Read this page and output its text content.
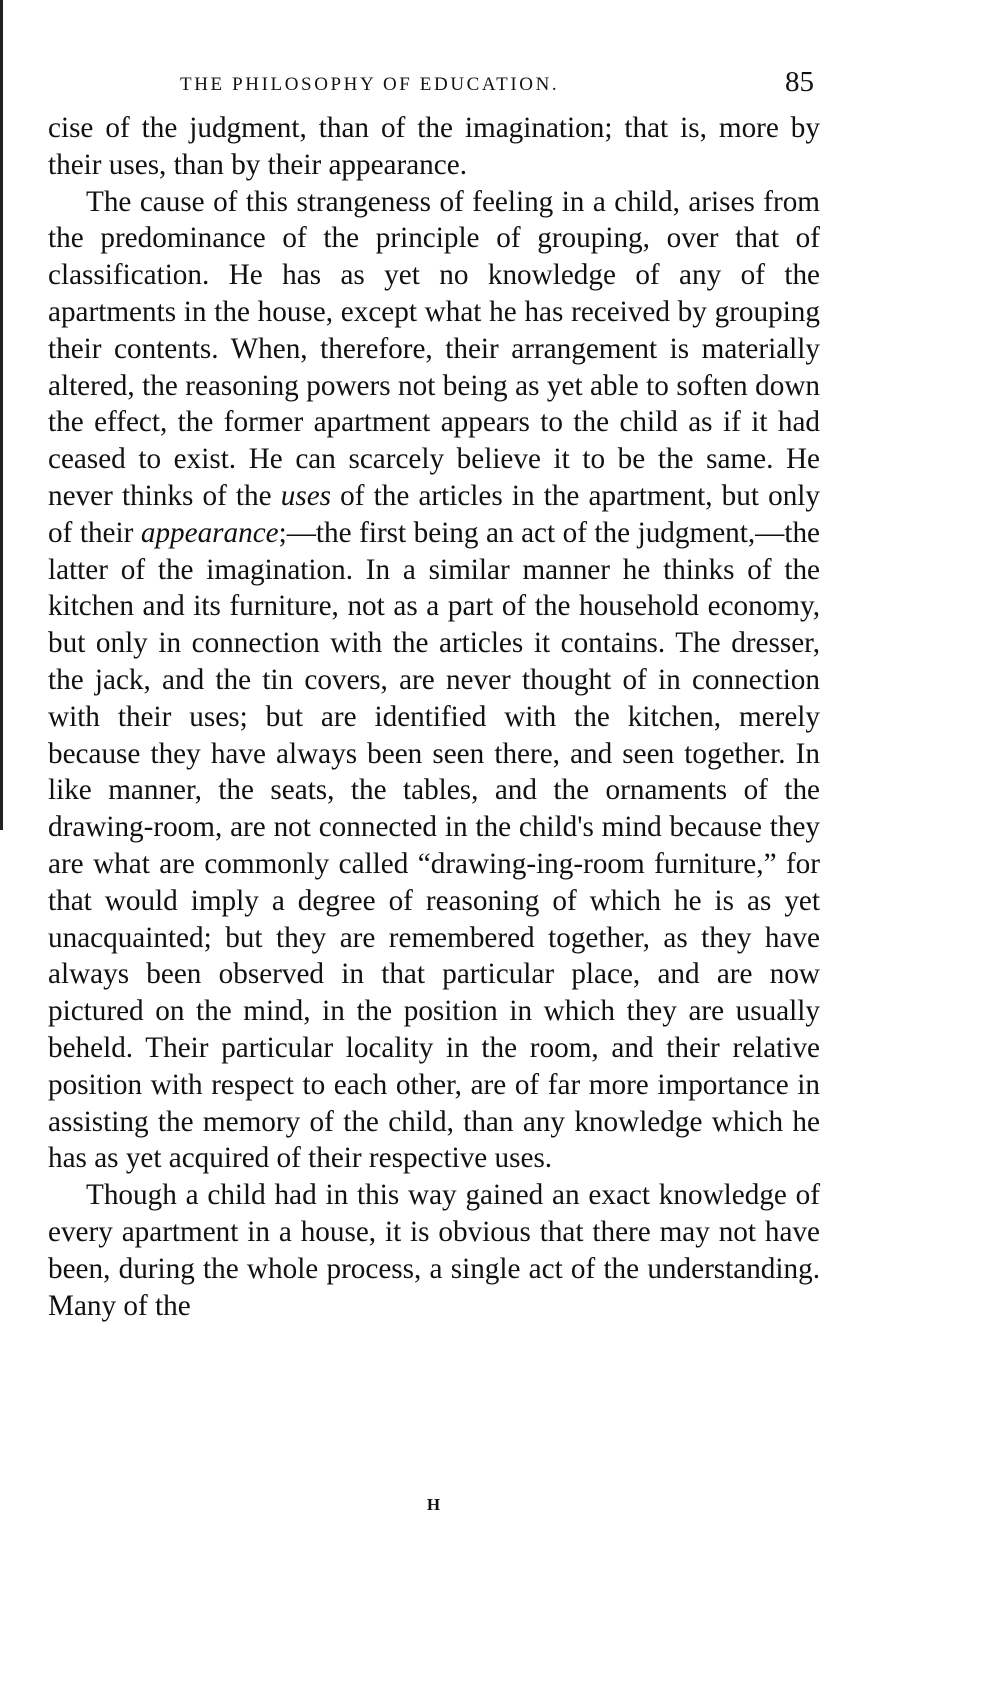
THE PHILOSOPHY OF EDUCATION.	85

cise of the judgment, than of the imagination; that is, more by their uses, than by their appearance.

The cause of this strangeness of feeling in a child, arises from the predominance of the principle of grouping, over that of classification. He has as yet no knowledge of any of the apartments in the house, except what he has received by grouping their contents. When, therefore, their arrangement is materially altered, the reasoning powers not being as yet able to soften down the effect, the former apartment appears to the child as if it had ceased to exist. He can scarcely believe it to be the same. He never thinks of the uses of the articles in the apartment, but only of their appearance;—the first being an act of the judgment,—the latter of the imagination. In a similar manner he thinks of the kitchen and its furniture, not as a part of the household economy, but only in connection with the articles it contains. The dresser, the jack, and the tin covers, are never thought of in connection with their uses; but are identified with the kitchen, merely because they have always been seen there, and seen together. In like manner, the seats, the tables, and the ornaments of the drawing-room, are not connected in the child's mind because they are what are commonly called “drawing-ing-room furniture,” for that would imply a degree of reasoning of which he is as yet unacquainted; but they are remembered together, as they have always been observed in that particular place, and are now pictured on the mind, in the position in which they are usually beheld. Their particular locality in the room, and their relative position with respect to each other, are of far more importance in assisting the memory of the child, than any knowledge which he has as yet acquired of their respective uses.

Though a child had in this way gained an exact knowledge of every apartment in a house, it is obvious that there may not have been, during the whole process, a single act of the understanding. Many of the

H
